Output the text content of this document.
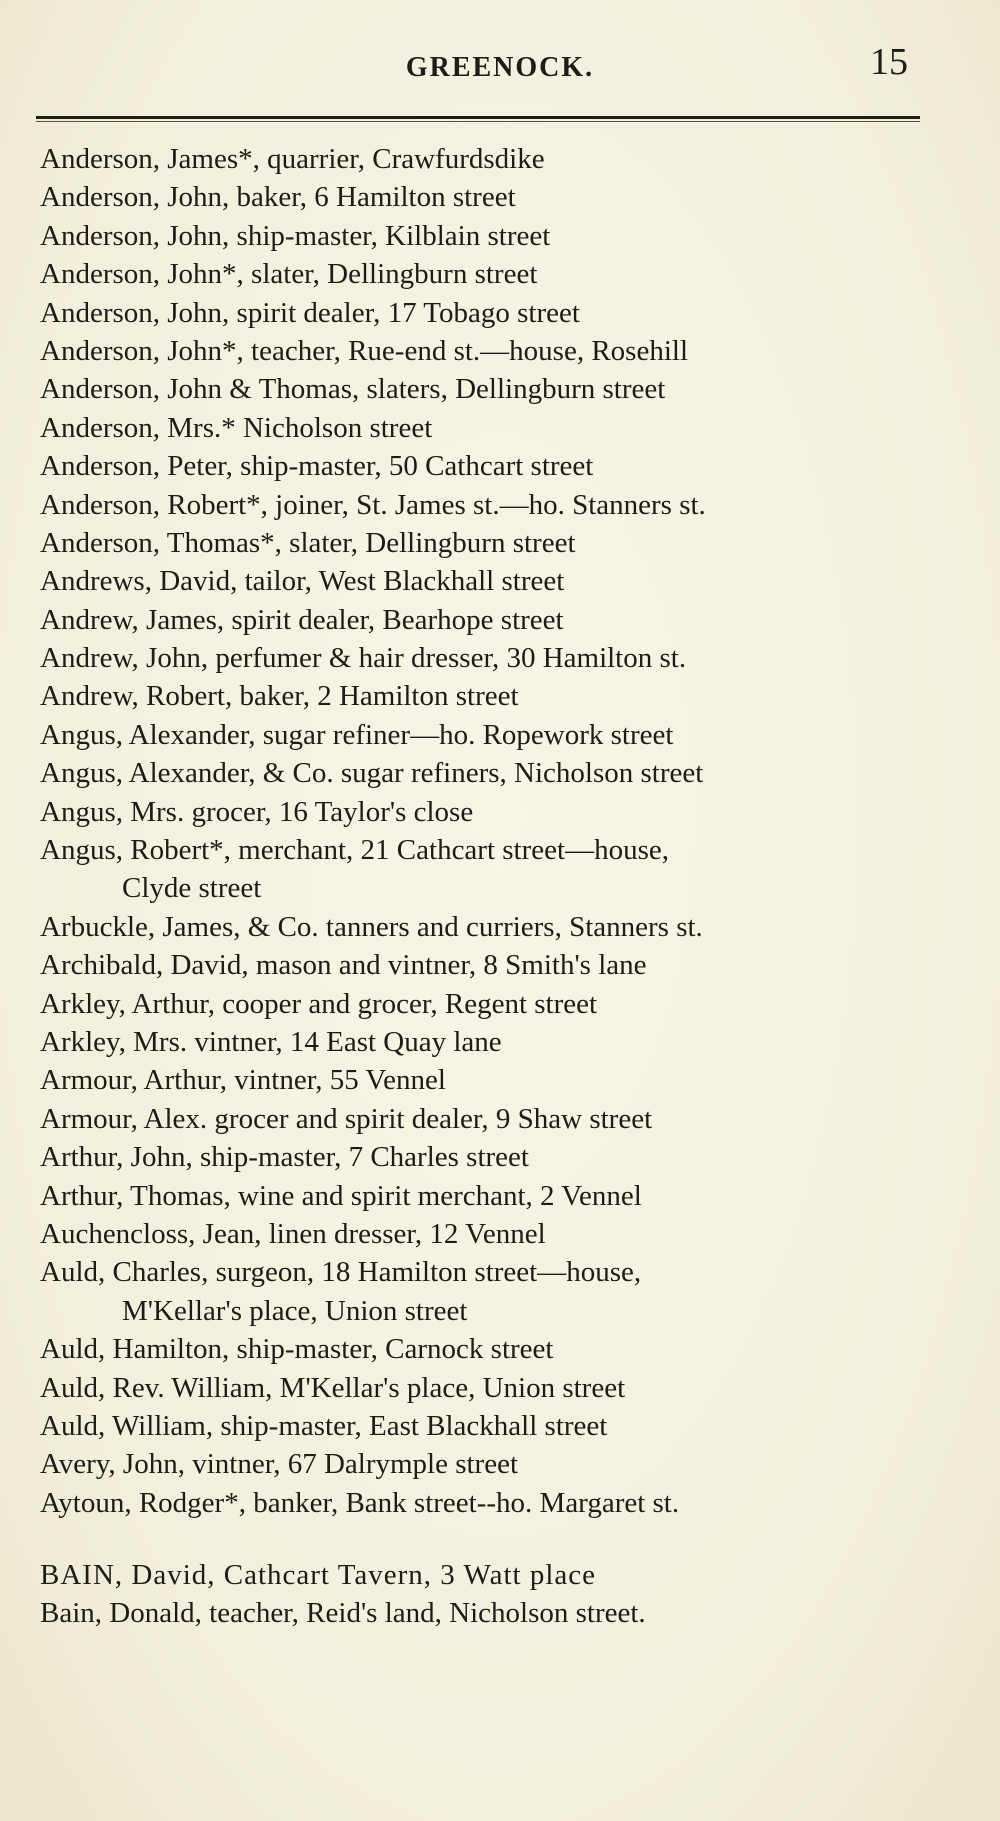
GREENOCK.	15
Anderson, James*, quarrier, Crawfurdsdike
Anderson, John, baker, 6 Hamilton street
Anderson, John, ship-master, Kilblain street
Anderson, John*, slater, Dellingburn street
Anderson, John, spirit dealer, 17 Tobago street
Anderson, John*, teacher, Rue-end st.—house, Rosehill
Anderson, John & Thomas, slaters, Dellingburn street
Anderson, Mrs.* Nicholson street
Anderson, Peter, ship-master, 50 Cathcart street
Anderson, Robert*, joiner, St. James st.—ho. Stanners st.
Anderson, Thomas*, slater, Dellingburn street
Andrews, David, tailor, West Blackhall street
Andrew, James, spirit dealer, Bearhope street
Andrew, John, perfumer & hair dresser, 30 Hamilton st.
Andrew, Robert, baker, 2 Hamilton street
Angus, Alexander, sugar refiner—ho. Ropework street
Angus, Alexander, & Co. sugar refiners, Nicholson street
Angus, Mrs. grocer, 16 Taylor's close
Angus, Robert*, merchant, 21 Cathcart street—house,
Clyde street
Arbuckle, James, & Co. tanners and curriers, Stanners st.
Archibald, David, mason and vintner, 8 Smith's lane
Arkley, Arthur, cooper and grocer, Regent street
Arkley, Mrs. vintner, 14 East Quay lane
Armour, Arthur, vintner, 55 Vennel
Armour, Alex. grocer and spirit dealer, 9 Shaw street
Arthur, John, ship-master, 7 Charles street
Arthur, Thomas, wine and spirit merchant, 2 Vennel
Auchencloss, Jean, linen dresser, 12 Vennel
Auld, Charles, surgeon, 18 Hamilton street—house,
M'Kellar's place, Union street
Auld, Hamilton, ship-master, Carnock street
Auld, Rev. William, M'Kellar's place, Union street
Auld, William, ship-master, East Blackhall street
Avery, John, vintner, 67 Dalrymple street
Aytoun, Rodger*, banker, Bank street--ho. Margaret st.
BAIN, David, Cathcart Tavern, 3 Watt place
Bain, Donald, teacher, Reid's land, Nicholson street.
